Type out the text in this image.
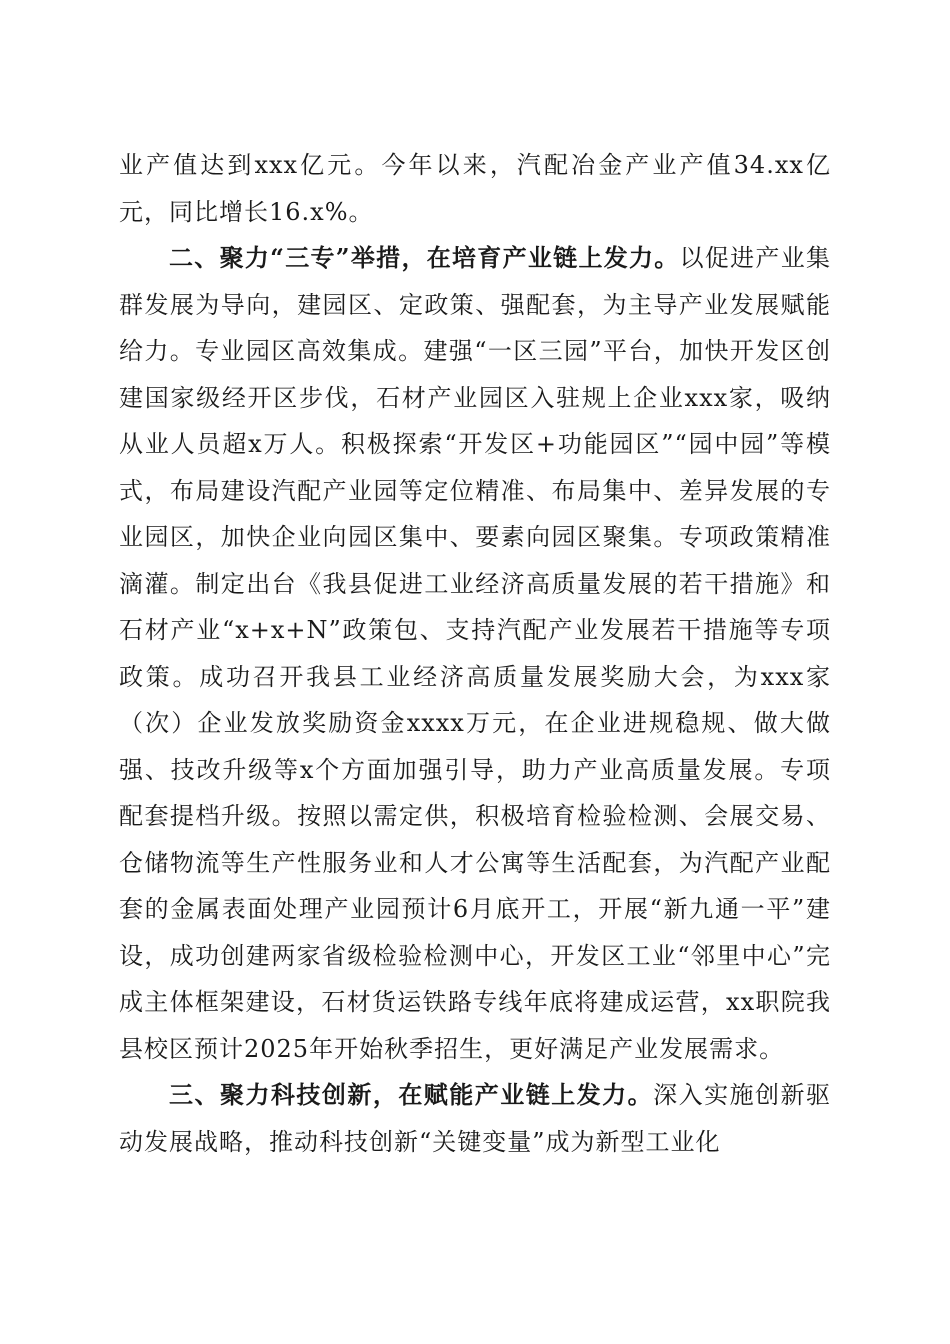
业产值达到xxx亿元。今年以来，汽配冶金产业产值34.xx亿元，同比增长16.x%。

二、聚力“三专”举措，在培育产业链上发力。以促进产业集群发展为导向，建园区、定政策、强配套，为主导产业发展赋能给力。专业园区高效集成。建强“一区三园”平台，加快开发区创建国家级经开区步伐，石材产业园区入驻规上企业xxx家，吸纳从业人员超x万人。积极探索“开发区+功能园区”“园中园”等模式，布局建设汽配产业园等定位精准、布局集中、差异发展的专业园区，加快企业向园区集中、要素向园区聚集。专项政策精准滴灌。制定出台《我县促进工业经济高质量发展的若干措施》和石材产业“x+x+N”政策包、支持汽配产业发展若干措施等专项政策。成功召开我县工业经济高质量发展奖励大会，为xxx家（次）企业发放奖励资金xxxx万元，在企业进规稳规、做大做强、技改升级等x个方面加强引导，助力产业高质量发展。专项配套提档升级。按照以需定供，积极培育检验检测、会展交易、仓储物流等生产性服务业和人才公寓等生活配套，为汽配产业配套的金属表面处理产业园预计6月底开工，开展“新九通一平”建设，成功创建两家省级检验检测中心，开发区工业“邻里中心”完成主体框架建设，石材货运铁路专线年底将建成运营，xx职院我县校区预计2025年开始秋季招生，更好满足产业发展需求。

三、聚力科技创新，在赋能产业链上发力。深入实施创新驱动发展战略，推动科技创新“关键变量”成为新型工业化
